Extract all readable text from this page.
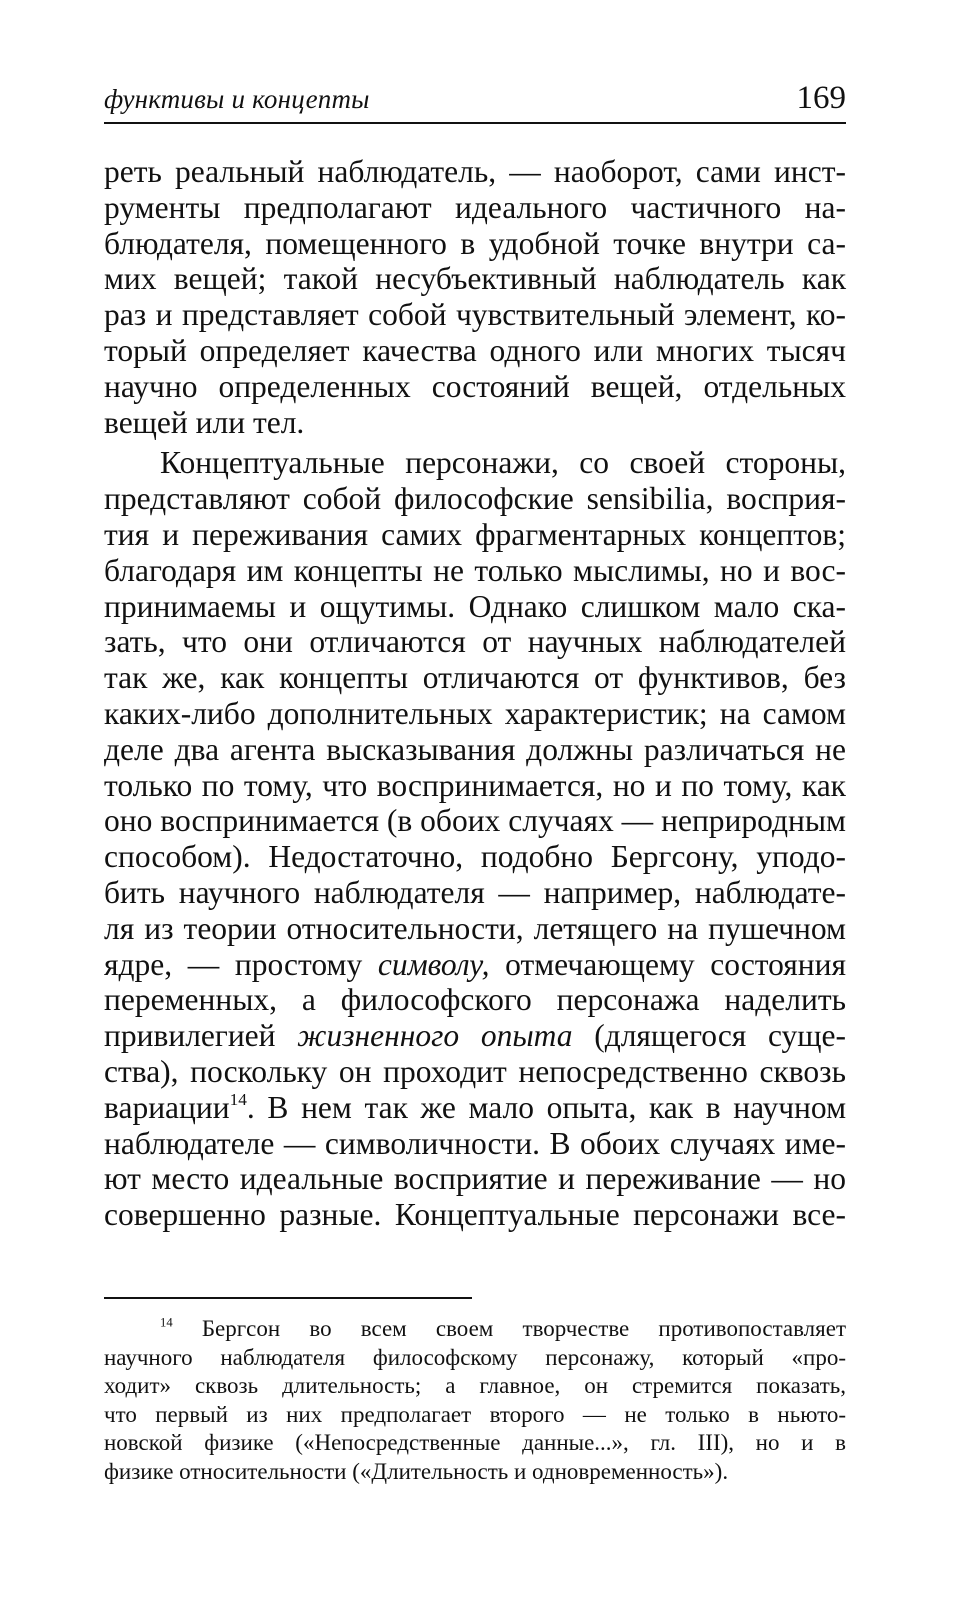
функтивы и концепты	169
реть реальный наблюдатель, — наоборот, сами инст-
рументы предполагают идеального частичного на-
блюдателя, помещенного в удобной точке внутри са-
мих вещей; такой несубъективный наблюдатель как
раз и представляет собой чувствительный элемент, ко-
торый определяет качества одного или многих тысяч
научно определенных состояний вещей, отдельных
вещей или тел.
Концептуальные персонажи, со своей стороны,
представляют собой философские sensibilia, восприя-
тия и переживания самих фрагментарных концептов;
благодаря им концепты не только мыслимы, но и вос-
принимаемы и ощутимы. Однако слишком мало ска-
зать, что они отличаются от научных наблюдателей
так же, как концепты отличаются от функтивов, без
каких-либо дополнительных характеристик; на самом
деле два агента высказывания должны различаться не
только по тому, что воспринимается, но и по тому, как
оно воспринимается (в обоих случаях — неприродным
способом). Недостаточно, подобно Бергсону, уподо-
бить научного наблюдателя — например, наблюдате-
ля из теории относительности, летящего на пушечном
ядре, — простому символу, отмечающему состояния
переменных, а философского персонажа наделить
привилегией жизненного опыта (длящегося суще-
ства), поскольку он проходит непосредственно сквозь
вариации$^{14}$. В нем так же мало опыта, как в научном
наблюдателе — символичности. В обоих случаях име-
ют место идеальные восприятие и переживание — но
совершенно разные. Концептуальные персонажи все-
$^{14}$ Бергсон во всем своем творчестве противопоставляет
научного наблюдателя философскому персонажу, который «про-
ходит» сквозь длительность; а главное, он стремится показать,
что первый из них предполагает второго — не только в ньюто-
новской физике («Непосредственные данные...», гл. III), но и в
физике относительности («Длительность и одновременность»).
